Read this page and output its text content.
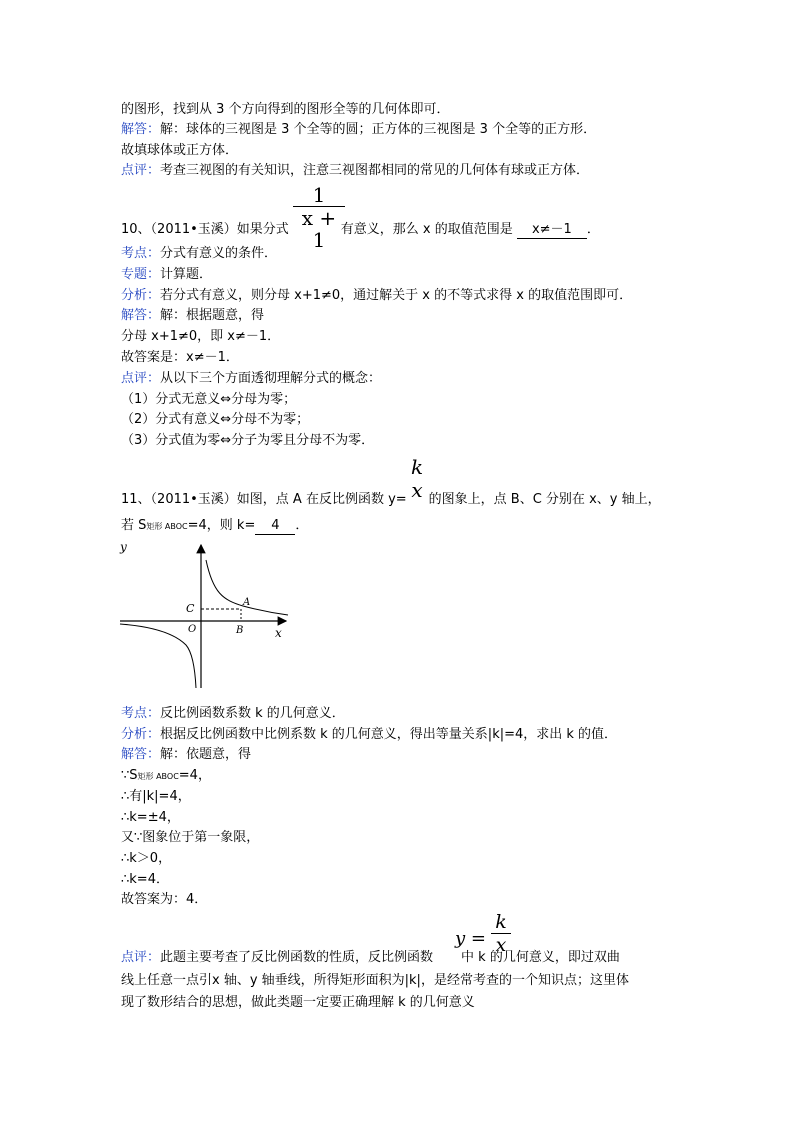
的图形，找到从 3 个方向得到的图形全等的几何体即可．
解答：解：球体的三视图是 3 个全等的圆；正方体的三视图是 3 个全等的正方形．
故填球体或正方体．
点评：考查三视图的有关知识，注意三视图都相同的常见的几何体有球或正方体．
$\frac{1}{x + 1}$
10、（2011•玉溪）如果分式	有意义，那么 x 的取值范围是 x≠－1 ．
考点：分式有意义的条件．
专题：计算题．
分析：若分式有意义，则分母 x+1≠0，通过解关于 x 的不等式求得 x 的取值范围即可．
解答：解：根据题意，得
分母 x+1≠0，即 x≠－1．
故答案是：x≠－1．
点评：从以下三个方面透彻理解分式的概念：
（1）分式无意义⇔分母为零；
（2）分式有意义⇔分母不为零；
（3）分式值为零⇔分子为零且分母不为零．
k
x
11、（2011•玉溪）如图，点 A 在反比例函数 y= 的图象上，点 B、C 分别在 x、y 轴上，
若 S矩形 ABOC=4，则 k= 4 ．
y
x
C	A
O	B
考点：反比例函数系数 k 的几何意义．
分析：根据反比例函数中比例系数 k 的几何意义，得出等量关系|k|=4，求出 k 的值．
解答：解：依题意，得
∵S矩形 ABOC=4，
∴有|k|=4，
∴k=±4，
又∵图象位于第一象限，
∴k＞0，
∴k=4．
故答案为：4．
$y = \frac{k}{x}$
点评：此题主要考查了反比例函数的性质，反比例函数 中 k 的几何意义，即过双曲
线上任意一点引x 轴、y 轴垂线，所得矩形面积为|k|，是经常考查的一个知识点；这里体
现了数形结合的思想，做此类题一定要正确理解 k 的几何意义
